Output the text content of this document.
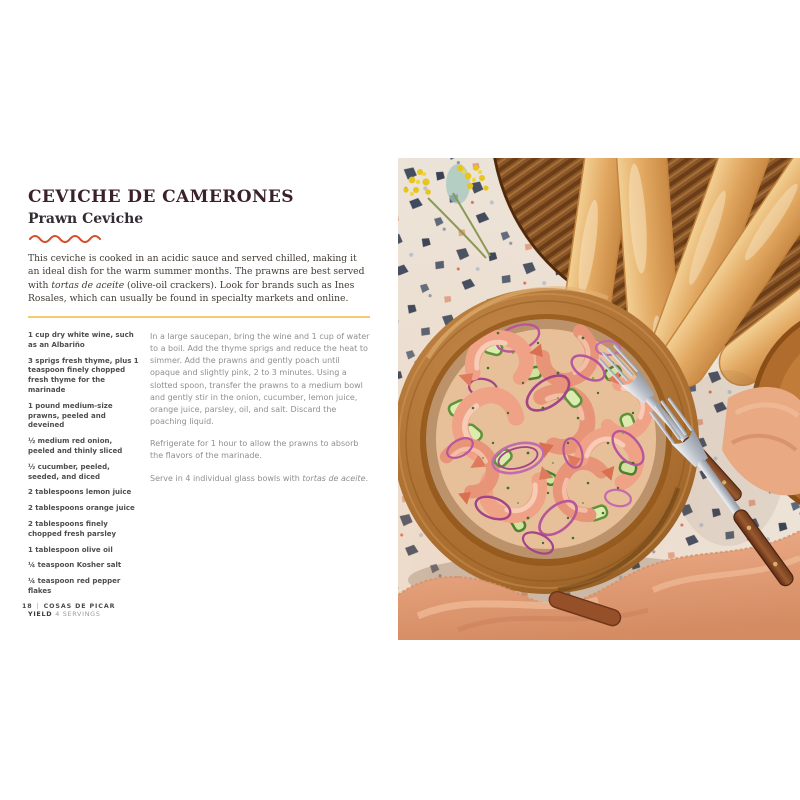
CEVICHE DE CAMERONES
Prawn Ceviche

This ceviche is cooked in an acidic sauce and served chilled, making it an ideal dish for the warm summer months. The prawns are best served with tortas de aceite (olive-oil crackers). Look for brands such as Ines Rosales, which can usually be found in specialty markets and online.

1 cup dry white wine, such as an Albariño
3 sprigs fresh thyme, plus 1 teaspoon finely chopped fresh thyme for the marinade
1 pound medium-size prawns, peeled and deveined
½ medium red onion, peeled and thinly sliced
½ cucumber, peeled, seeded, and diced
2 tablespoons lemon juice
2 tablespoons orange juice
2 tablespoons finely chopped fresh parsley
1 tablespoon olive oil
¼ teaspoon Kosher salt
¼ teaspoon red pepper flakes
YIELD 4 SERVINGS

In a large saucepan, bring the wine and 1 cup of water to a boil. Add the thyme sprigs and reduce the heat to simmer. Add the prawns and gently poach until opaque and slightly pink, 2 to 3 minutes. Using a slotted spoon, transfer the prawns to a medium bowl and gently stir in the onion, cucumber, lemon juice, orange juice, parsley, oil, and salt. Discard the poaching liquid.

Refrigerate for 1 hour to allow the prawns to absorb the flavors of the marinade.

Serve in 4 individual glass bowls with tortas de aceite.

18 | COSAS DE PICAR
